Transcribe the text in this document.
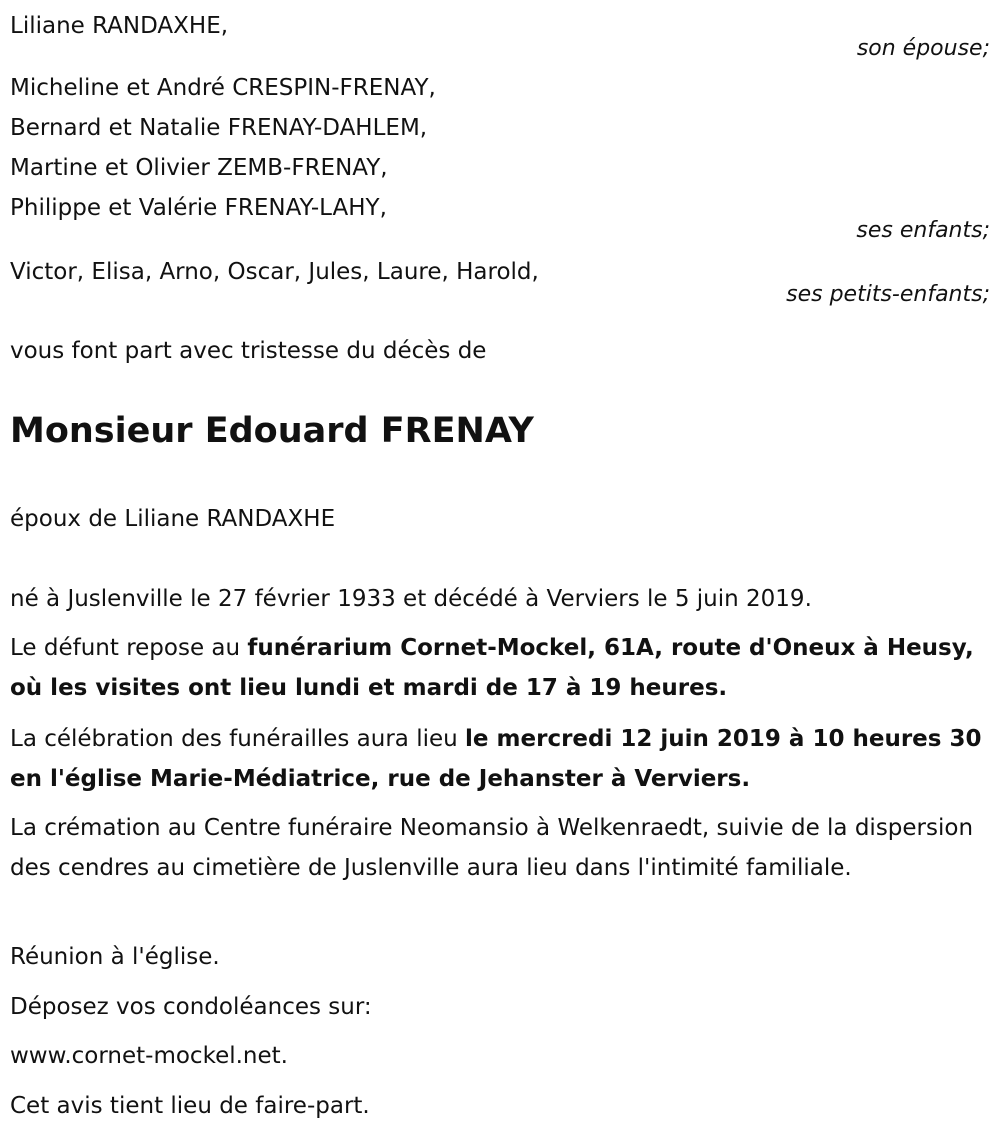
Liliane RANDAXHE,

son épouse;

Micheline et André CRESPIN-FRENAY,

Bernard et Natalie FRENAY-DAHLEM,

Martine et Olivier ZEMB-FRENAY,

Philippe et Valérie FRENAY-LAHY,

ses enfants;

Victor, Elisa, Arno, Oscar, Jules, Laure, Harold,

ses petits-enfants;

vous font part avec tristesse du décès de

Monsieur Edouard FRENAY

époux de Liliane RANDAXHE

né à Juslenville le 27 février 1933 et décédé à Verviers le 5 juin 2019.

Le défunt repose au funérarium Cornet-Mockel, 61A, route d'Oneux à Heusy, où les visites ont lieu lundi et mardi de 17 à 19 heures.

La célébration des funérailles aura lieu le mercredi 12 juin 2019 à 10 heures 30 en l'église Marie-Médiatrice, rue de Jehanster à Verviers.

La crémation au Centre funéraire Neomansio à Welkenraedt, suivie de la dispersion des cendres au cimetière de Juslenville aura lieu dans l'intimité familiale.

Réunion à l'église.

Déposez vos condoléances sur:

www.cornet-mockel.net.

Cet avis tient lieu de faire-part.
